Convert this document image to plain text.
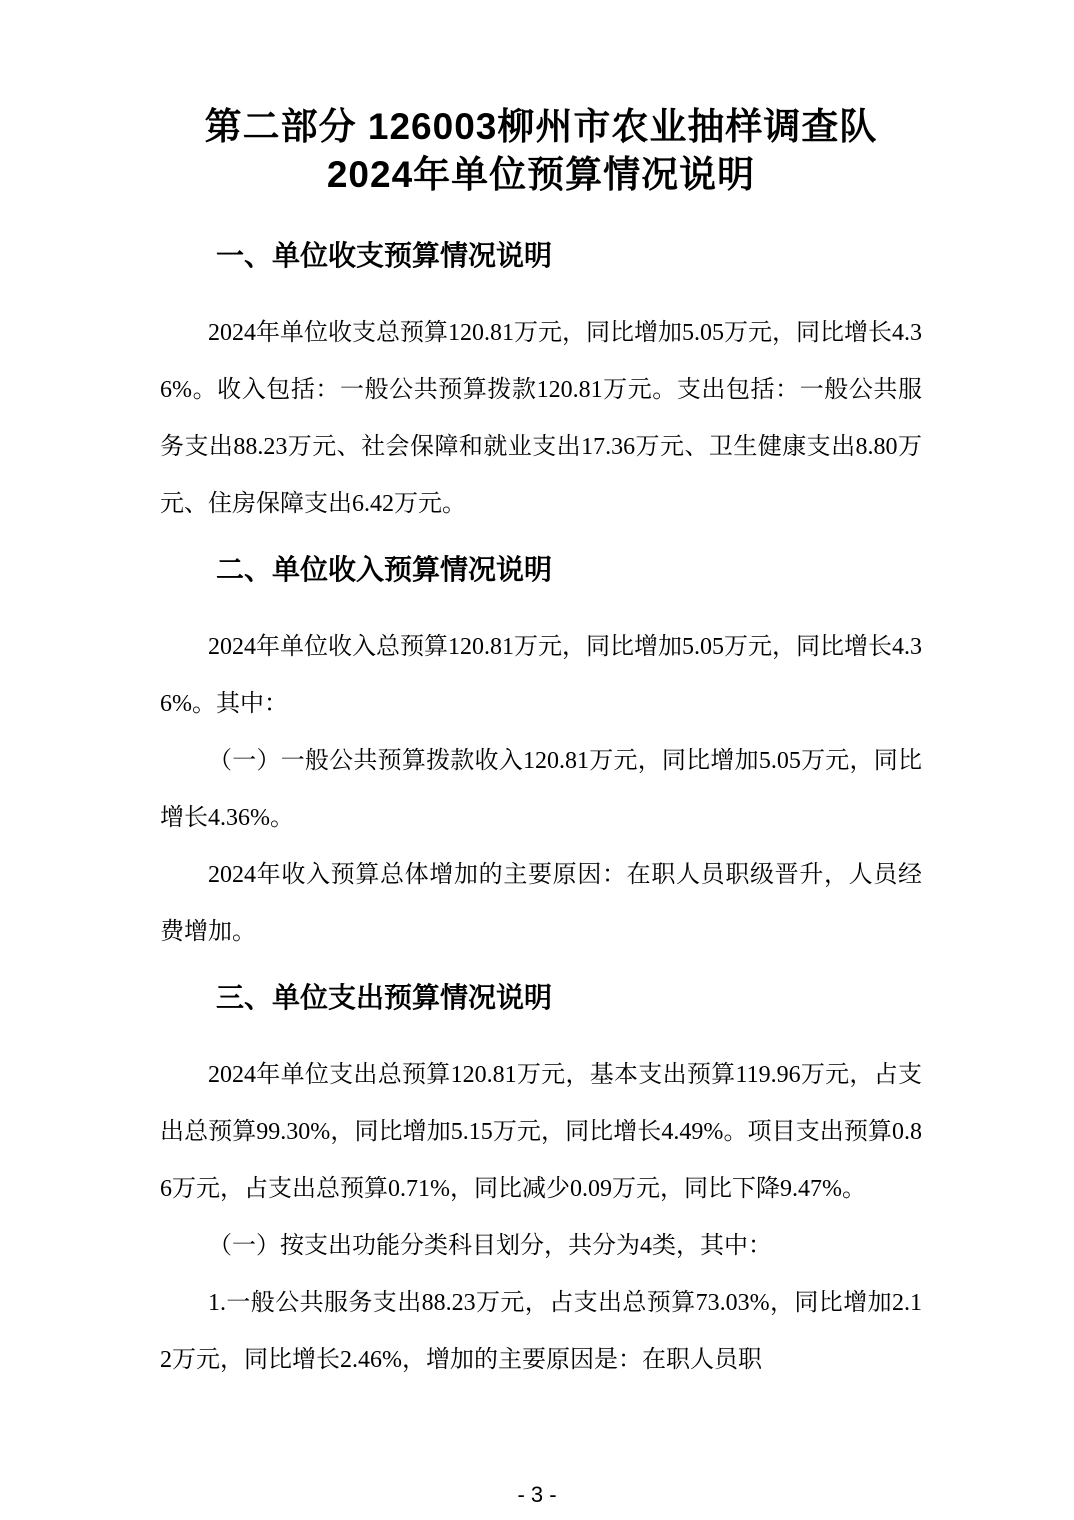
第二部分 126003柳州市农业抽样调查队
2024年单位预算情况说明
一、单位收支预算情况说明

2024年单位收支总预算120.81万元，同比增加5.05万元，同比增长4.36%。收入包括：一般公共预算拨款120.81万元。支出包括：一般公共服务支出88.23万元、社会保障和就业支出17.36万元、卫生健康支出8.80万元、住房保障支出6.42万元。

二、单位收入预算情况说明

2024年单位收入总预算120.81万元，同比增加5.05万元，同比增长4.36%。其中：

（一）一般公共预算拨款收入120.81万元，同比增加5.05万元，同比增长4.36%。

2024年收入预算总体增加的主要原因：在职人员职级晋升，人员经费增加。

三、单位支出预算情况说明

2024年单位支出总预算120.81万元，基本支出预算119.96万元，占支出总预算99.30%，同比增加5.15万元，同比增长4.49%。项目支出预算0.86万元，占支出总预算0.71%，同比减少0.09万元，同比下降9.47%。

（一）按支出功能分类科目划分，共分为4类，其中：

1.一般公共服务支出88.23万元，占支出总预算73.03%，同比增加2.12万元，同比增长2.46%，增加的主要原因是：在职人员职

- 3 -
